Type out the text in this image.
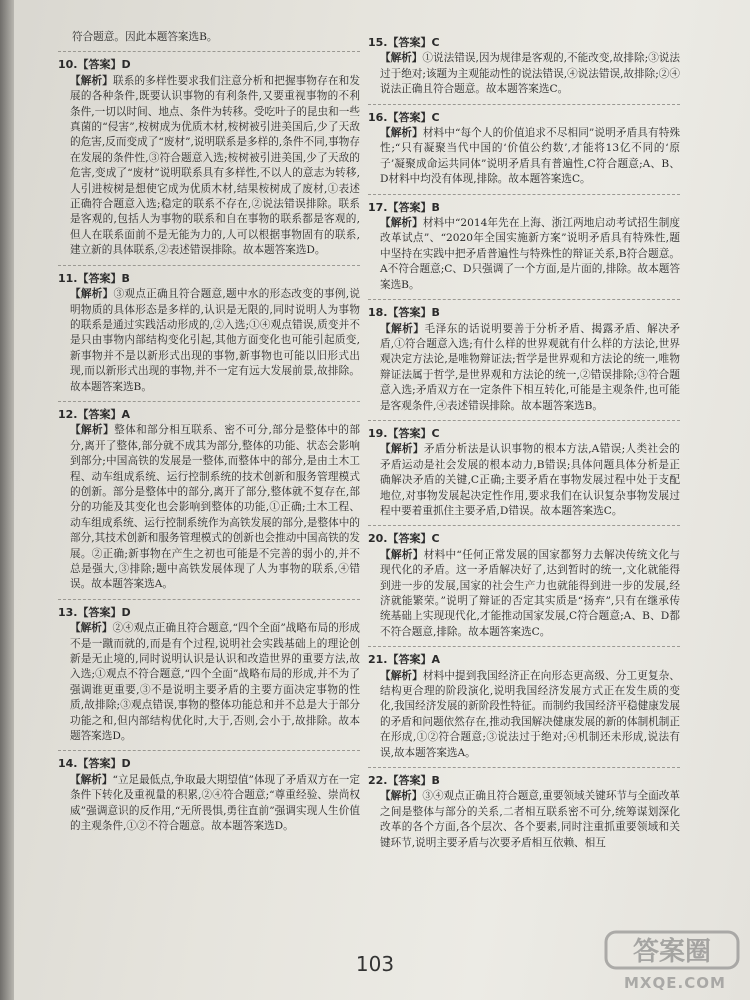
符合题意。因此本题答案选B。
10.【答案】D
【解析】联系的多样性要求我们注意分析和把握事物存在和发展的各种条件,既要认识事物的有利条件,又要重视事物的不利条件,一切以时间、地点、条件为转移。受吃叶子的昆虫和一些真菌的“侵害”,桉树成为优质木材,桉树被引进美国后,少了天敌的危害,反而变成了“废材”,说明联系是多样的,条件不同,事物存在发展的条件性,③符合题意入选;桉树被引进美国,少了天敌的危害,变成了“废材”说明联系具有多样性,不以人的意志为转移,人引进桉树是想使它成为优质木材,结果桉树成了废材,①表述正确符合题意入选;稳定的联系不存在,②说法错误排除。联系是客观的,包括人为事物的联系和自在事物的联系都是客观的,但人在联系面前不是无能为力的,人可以根据事物固有的联系,建立新的具体联系,②表述错误排除。故本题答案选D。
11.【答案】B
【解析】③观点正确且符合题意,题中水的形态改变的事例,说明物质的具体形态是多样的,认识是无限的,同时说明人为事物的联系是通过实践活动形成的,②入选;①④观点错误,质变并不是只由事物内部结构变化引起,其他方面变化也可能引起质变,新事物并不是以新形式出现的事物,新事物也可能以旧形式出现,而以新形式出现的事物,并不一定有远大发展前景,故排除。故本题答案选B。
12.【答案】A
【解析】整体和部分相互联系、密不可分,部分是整体中的部分,离开了整体,部分就不成其为部分,整体的功能、状态会影响到部分;中国高铁的发展是一整体,而整体中的部分,是由土木工程、动车组成系统、运行控制系统的技术创新和服务管理模式的创新。部分是整体中的部分,离开了部分,整体就不复存在,部分的功能及其变化也会影响到整体的功能,①正确;土木工程、动车组成系统、运行控制系统作为高铁发展的部分,是整体中的部分,其技术创新和服务管理模式的创新也会推动中国高铁的发展。②正确;新事物在产生之初也可能是不完善的弱小的,并不总是强大,③排除;题中高铁发展体现了人为事物的联系,④错误。故本题答案选A。
13.【答案】D
【解析】②④观点正确且符合题意,“四个全面”战略布局的形成不是一蹴而就的,而是有个过程,说明社会实践基础上的理论创新是无止境的,同时说明认识是认识和改造世界的重要方法,故入选;①观点不符合题意,“四个全面”战略布局的形成,并不为了强调谁更重要,③不是说明主要矛盾的主要方面决定事物的性质,故排除;③观点错误,事物的整体功能总和并不总是大于部分功能之和,但内部结构优化时,大于,否则,会小于,故排除。故本题答案选D。
14.【答案】D
【解析】“立足最低点,争取最大期望值”体现了矛盾双方在一定条件下转化及重视量的积累,②④符合题意;“尊重经验、崇尚权威”强调意识的反作用,“无所畏惧,勇往直前”强调实现人生价值的主观条件,①②不符合题意。故本题答案选D。
15.【答案】C
【解析】①说法错误,因为规律是客观的,不能改变,故排除;③说法过于绝对;该题为主观能动性的说法错误,④说法错误,故排除;②④说法正确且符合题意。故本题答案选C。
16.【答案】C
【解析】材料中“每个人的价值追求不尽相同”说明矛盾具有特殊性;“只有凝聚当代中国的‘价值公约数’,才能将13亿不同的‘原子’凝聚成命运共同体”说明矛盾具有普遍性,C符合题意;A、B、D材料中均没有体现,排除。故本题答案选C。
17.【答案】B
【解析】材料中“2014年先在上海、浙江两地启动考试招生制度改革试点”、“2020年全国实施新方案”说明矛盾具有特殊性,题中坚持在实践中把矛盾普遍性与特殊性的辩证关系,B符合题意。A不符合题意;C、D只强调了一个方面,是片面的,排除。故本题答案选B。
18.【答案】B
【解析】毛泽东的话说明要善于分析矛盾、揭露矛盾、解决矛盾,①符合题意入选;有什么样的世界观就有什么样的方法论,世界观决定方法论,是唯物辩证法;哲学是世界观和方法论的统一,唯物辩证法属于哲学,是世界观和方法论的统一,②错误排除;③符合题意入选;矛盾双方在一定条件下相互转化,可能是主观条件,也可能是客观条件,④表述错误排除。故本题答案选B。
19.【答案】C
【解析】矛盾分析法是认识事物的根本方法,A错误;人类社会的矛盾运动是社会发展的根本动力,B错误;具体问题具体分析是正确解决矛盾的关键,C正确;主要矛盾在事物发展过程中处于支配地位,对事物发展起决定性作用,要求我们在认识复杂事物发展过程中要着重抓住主要矛盾,D错误。故本题答案选C。
20.【答案】C
【解析】材料中“任何正常发展的国家都努力去解决传统文化与现代化的矛盾。这一矛盾解决好了,达到暂时的统一,文化就能得到进一步的发展,国家的社会生产力也就能得到进一步的发展,经济就能繁荣。”说明了辩证的否定其实质是“扬弃”,只有在继承传统基础上实现现代化,才能推动国家发展,C符合题意;A、B、D都不符合题意,排除。故本题答案选C。
21.【答案】A
【解析】材料中提到我国经济正在向形态更高级、分工更复杂、结构更合理的阶段演化,说明我国经济发展方式正在发生质的变化,我国经济发展的新阶段性特征。而制约我国经济平稳健康发展的矛盾和问题依然存在,推动我国解决健康发展的新的体制机制正在形成,①②符合题意;③说法过于绝对;④机制还未形成,说法有误,故本题答案选A。
22.【答案】B
【解析】③④观点正确且符合题意,重要领域关键环节与全面改革之间是整体与部分的关系,二者相互联系密不可分,统筹谋划深化改革的各个方面,各个层次、各个要素,同时注重抓重要领域和关键环节,说明主要矛盾与次要矛盾相互依赖、相互
103	答案圈
MXQE.COM
